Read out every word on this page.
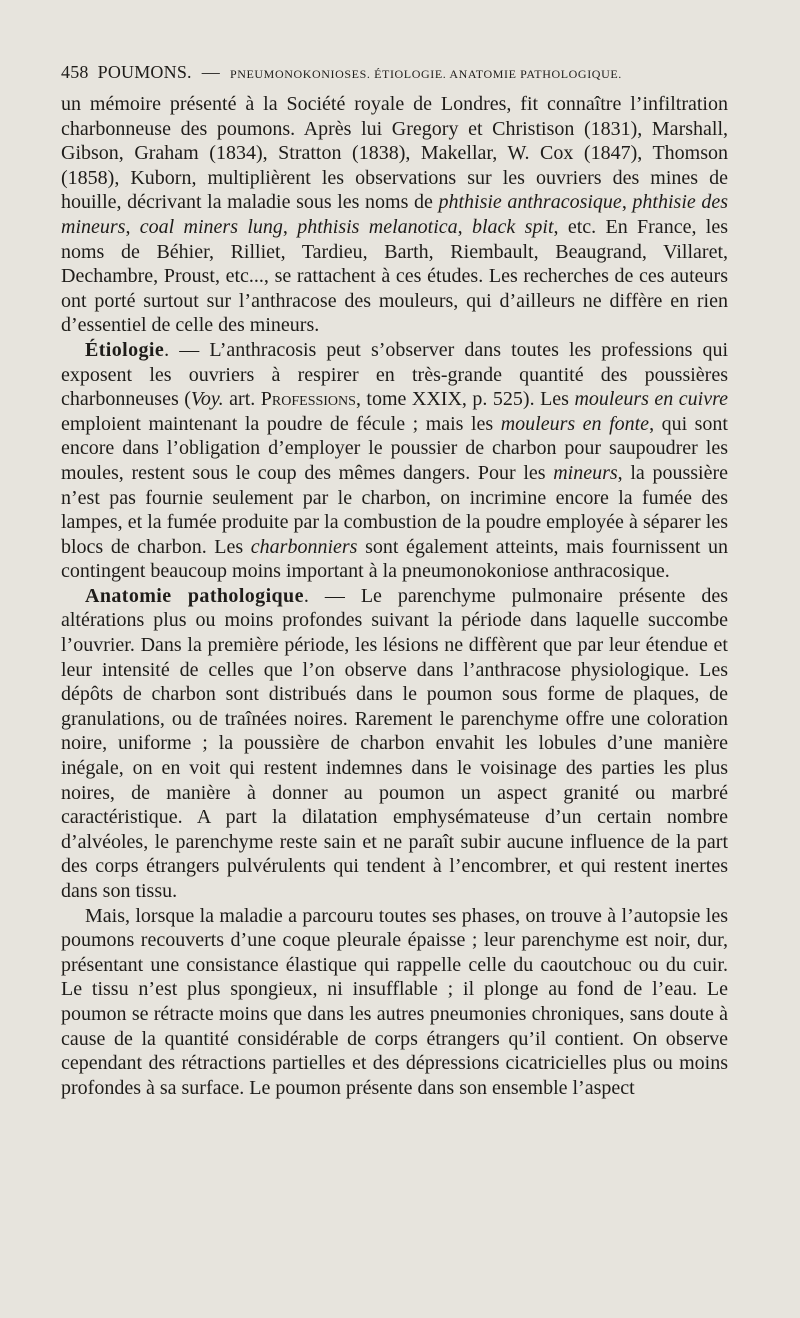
458 POUMONS. — PNEUMONOKONIOSES. ÉTIOLOGIE. ANATOMIE PATHOLOGIQUE.

un mémoire présenté à la Société royale de Londres, fit connaître l’infiltration charbonneuse des poumons. Après lui Gregory et Christison (1831), Marshall, Gibson, Graham (1834), Stratton (1838), Makellar, W. Cox (1847), Thomson (1858), Kuborn, multiplièrent les observations sur les ouvriers des mines de houille, décrivant la maladie sous les noms de phthisie anthracosique, phthisie des mineurs, coal miners lung, phthisis melanotica, black spit, etc. En France, les noms de Béhier, Rilliet, Tardieu, Barth, Riembault, Beaugrand, Villaret, Dechambre, Proust, etc..., se rattachent à ces études. Les recherches de ces auteurs ont porté surtout sur l’anthracose des mouleurs, qui d’ailleurs ne diffère en rien d’essentiel de celle des mineurs.

Étiologie. — L’anthracosis peut s’observer dans toutes les professions qui exposent les ouvriers à respirer en très-grande quantité des poussières charbonneuses (Voy. art. Professions, tome XXIX, p. 525). Les mouleurs en cuivre emploient maintenant la poudre de fécule ; mais les mouleurs en fonte, qui sont encore dans l’obligation d’employer le poussier de charbon pour saupoudrer les moules, restent sous le coup des mêmes dangers. Pour les mineurs, la poussière n’est pas fournie seulement par le charbon, on incrimine encore la fumée des lampes, et la fumée produite par la combustion de la poudre employée à séparer les blocs de charbon. Les charbonniers sont également atteints, mais fournissent un contingent beaucoup moins important à la pneumonokoniose anthracosique.

Anatomie pathologique. — Le parenchyme pulmonaire présente des altérations plus ou moins profondes suivant la période dans laquelle succombe l’ouvrier. Dans la première période, les lésions ne diffèrent que par leur étendue et leur intensité de celles que l’on observe dans l’anthracose physiologique. Les dépôts de charbon sont distribués dans le poumon sous forme de plaques, de granulations, ou de traînées noires. Rarement le parenchyme offre une coloration noire, uniforme ; la poussière de charbon envahit les lobules d’une manière inégale, on en voit qui restent indemnes dans le voisinage des parties les plus noires, de manière à donner au poumon un aspect granité ou marbré caractéristique. A part la dilatation emphysémateuse d’un certain nombre d’alvéoles, le parenchyme reste sain et ne paraît subir aucune influence de la part des corps étrangers pulvérulents qui tendent à l’encombrer, et qui restent inertes dans son tissu.

Mais, lorsque la maladie a parcouru toutes ses phases, on trouve à l’autopsie les poumons recouverts d’une coque pleurale épaisse ; leur parenchyme est noir, dur, présentant une consistance élastique qui rappelle celle du caoutchouc ou du cuir. Le tissu n’est plus spongieux, ni insufflable ; il plonge au fond de l’eau. Le poumon se rétracte moins que dans les autres pneumonies chroniques, sans doute à cause de la quantité considérable de corps étrangers qu’il contient. On observe cependant des rétractions partielles et des dépressions cicatricielles plus ou moins profondes à sa surface. Le poumon présente dans son ensemble l’aspect
